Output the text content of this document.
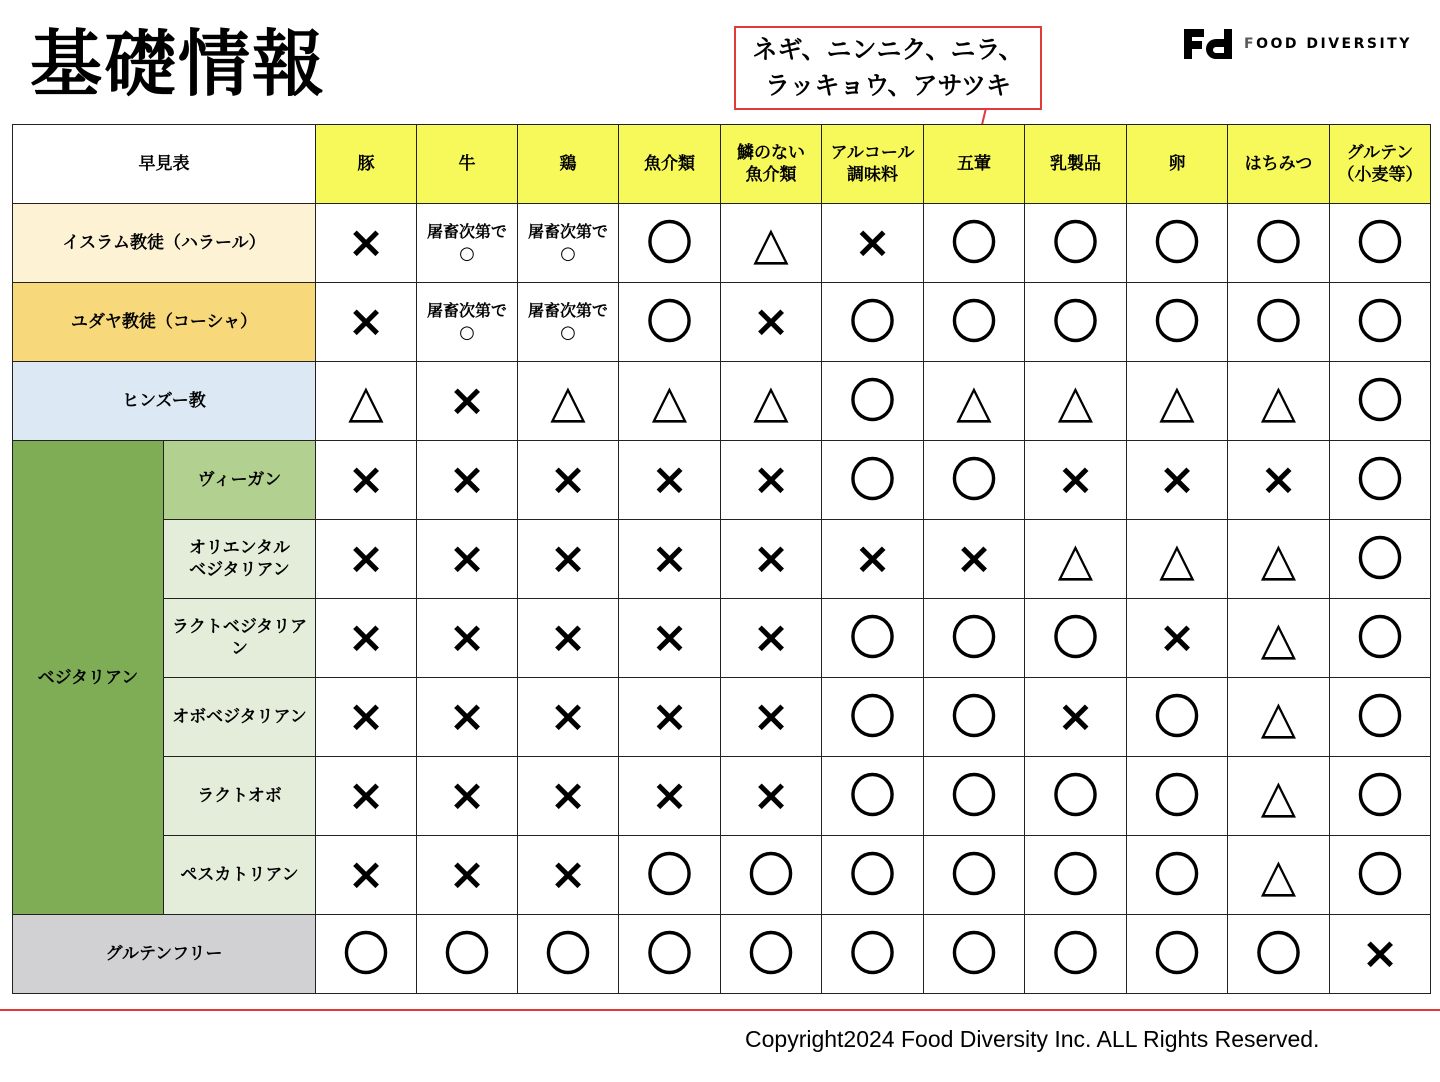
基礎情報	FOOD DIVERSITY
ネギ、ニンニク、ニラ、
ラッキョウ、アサツキ
早見表		豚	牛	鶏	魚介類	鱗のない
魚介類	アルコール
調味料	五葷	乳製品	卵	はちみつ	グルテン
（小麦等）
イスラム教徒（ハラール）		×	屠畜次第で
○	屠畜次第で
○	〇	△	×	〇	〇	〇	〇	〇
ユダヤ教徒（コーシャ）		×	屠畜次第で
○	屠畜次第で
○	〇	×	〇	〇	〇	〇	〇	〇
ヒンズー教		△	×	△	△	△	〇	△	△	△	△	〇
ベジタリアン	ヴィーガン	×	×	×	×	×	〇	〇	×	×	×	〇
	オリエンタル
ベジタリアン	×	×	×	×	×	×	×	△	△	△	〇
	ラクトベジタリアン	×	×	×	×	×	〇	〇	〇	×	△	〇
	オボベジタリアン	×	×	×	×	×	〇	〇	×	〇	△	〇
	ラクトオボ	×	×	×	×	×	〇	〇	〇	〇	△	〇
	ペスカトリアン	×	×	×	〇	〇	〇	〇	〇	〇	△	〇
グルテンフリー		〇	〇	〇	〇	〇	〇	〇	〇	〇	〇	×
Copyright2024 Food Diversity Inc. ALL Rights Reserved.
